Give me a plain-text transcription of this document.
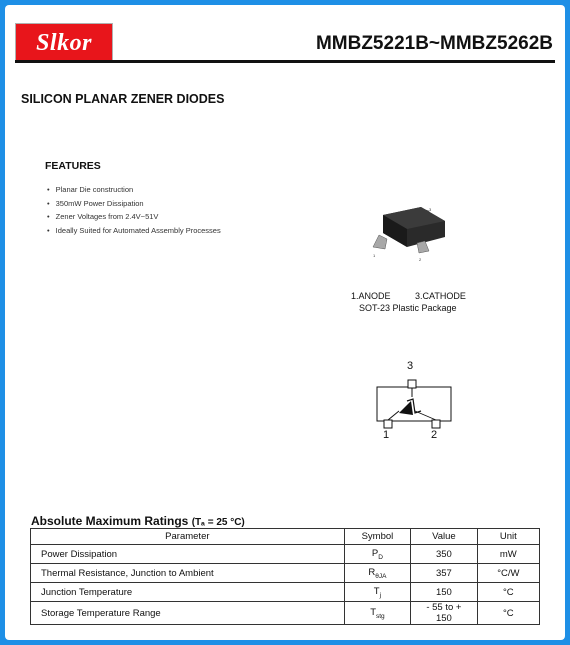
Slkor	MMBZ5221B~MMBZ5262B
SILICON PLANAR ZENER DIODES
FEATURES
• Planar Die construction
• 350mW Power Dissipation
• Zener Voltages from 2.4V~51V
• Ideally Suited for Automated Assembly Processes
3
1
2
1.ANODE	3.CATHODE
SOT-23 Plastic Package
3
1	2
Absolute Maximum Ratings (Tₐ = 25 °C)
Parameter	Symbol	Value	Unit
Power Dissipation	$P_D$	350	mW
Thermal Resistance, Junction to Ambient	$R_{\theta JA}$	357	°C/W
Junction Temperature	$T_j$	150	°C
Storage Temperature Range	$T_{stg}$	- 55 to + 150	°C
